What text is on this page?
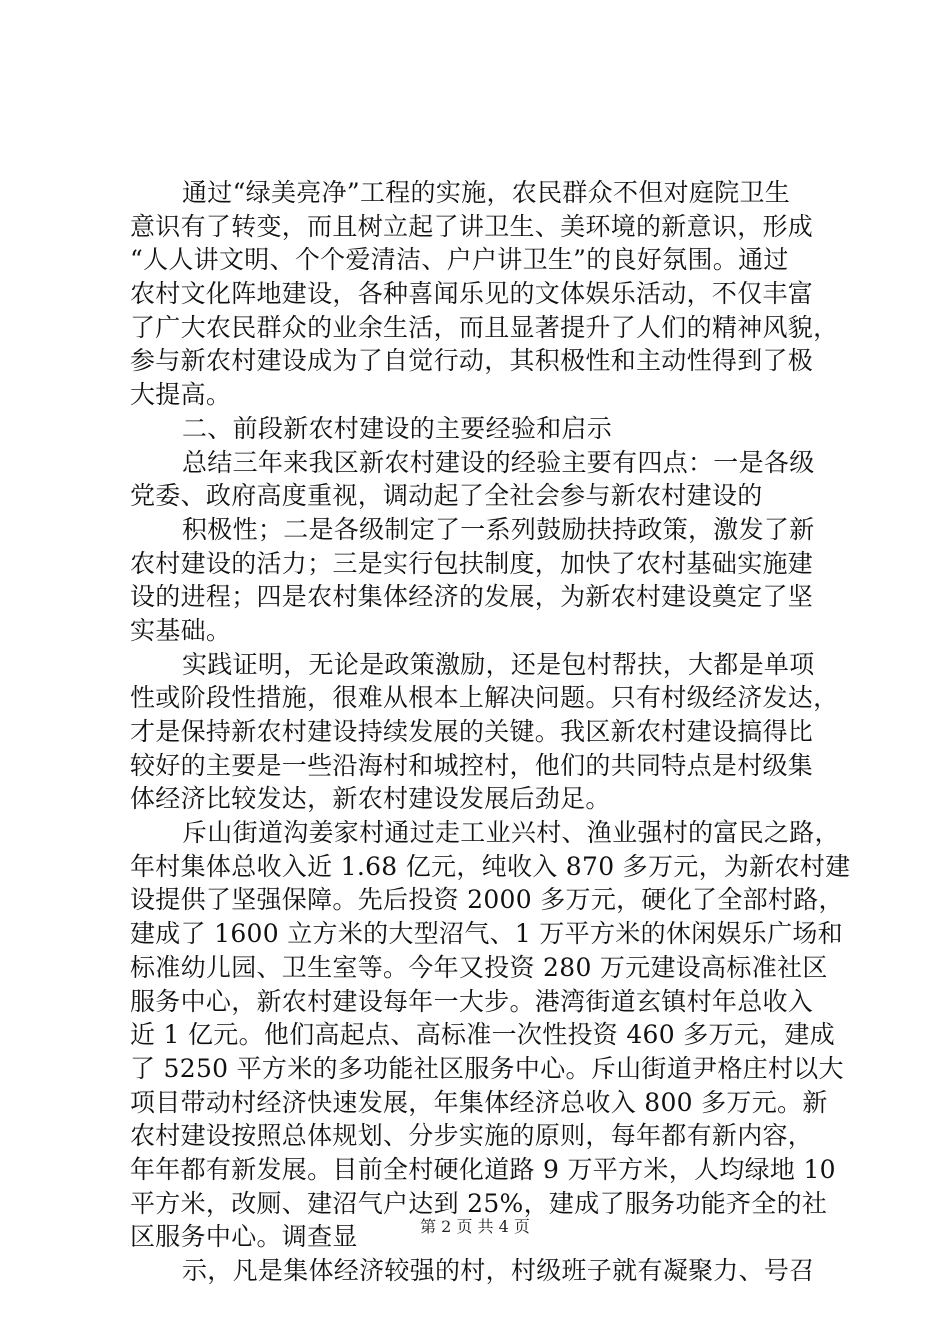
通过“绿美亮净”工程的实施，农民群众不但对庭院卫生
意识有了转变，而且树立起了讲卫生、美环境的新意识，形成
“人人讲文明、个个爱清洁、户户讲卫生”的良好氛围。通过
农村文化阵地建设，各种喜闻乐见的文体娱乐活动，不仅丰富
了广大农民群众的业余生活，而且显著提升了人们的精神风貌，
参与新农村建设成为了自觉行动，其积极性和主动性得到了极
大提高。
二、前段新农村建设的主要经验和启示
总结三年来我区新农村建设的经验主要有四点：一是各级
党委、政府高度重视，调动起了全社会参与新农村建设的
积极性；二是各级制定了一系列鼓励扶持政策，激发了新
农村建设的活力；三是实行包扶制度，加快了农村基础实施建
设的进程；四是农村集体经济的发展，为新农村建设奠定了坚
实基础。
实践证明，无论是政策激励，还是包村帮扶，大都是单项
性或阶段性措施，很难从根本上解决问题。只有村级经济发达，
才是保持新农村建设持续发展的关键。我区新农村建设搞得比
较好的主要是一些沿海村和城控村，他们的共同特点是村级集
体经济比较发达，新农村建设发展后劲足。
斥山街道沟姜家村通过走工业兴村、渔业强村的富民之路，
年村集体总收入近 1.68 亿元，纯收入 870 多万元，为新农村建
设提供了坚强保障。先后投资 2000 多万元，硬化了全部村路，
建成了 1600 立方米的大型沼气、1 万平方米的休闲娱乐广场和
标准幼儿园、卫生室等。今年又投资 280 万元建设高标准社区
服务中心，新农村建设每年一大步。港湾街道玄镇村年总收入
近 1 亿元。他们高起点、高标准一次性投资 460 多万元，建成
了 5250 平方米的多功能社区服务中心。斥山街道尹格庄村以大
项目带动村经济快速发展，年集体经济总收入 800 多万元。新
农村建设按照总体规划、分步实施的原则，每年都有新内容，
年年都有新发展。目前全村硬化道路 9 万平方米，人均绿地 10
平方米，改厕、建沼气户达到 25%，建成了服务功能齐全的社
区服务中心。调查显
示，凡是集体经济较强的村，村级班子就有凝聚力、号召
第 2 页 共 4 页
